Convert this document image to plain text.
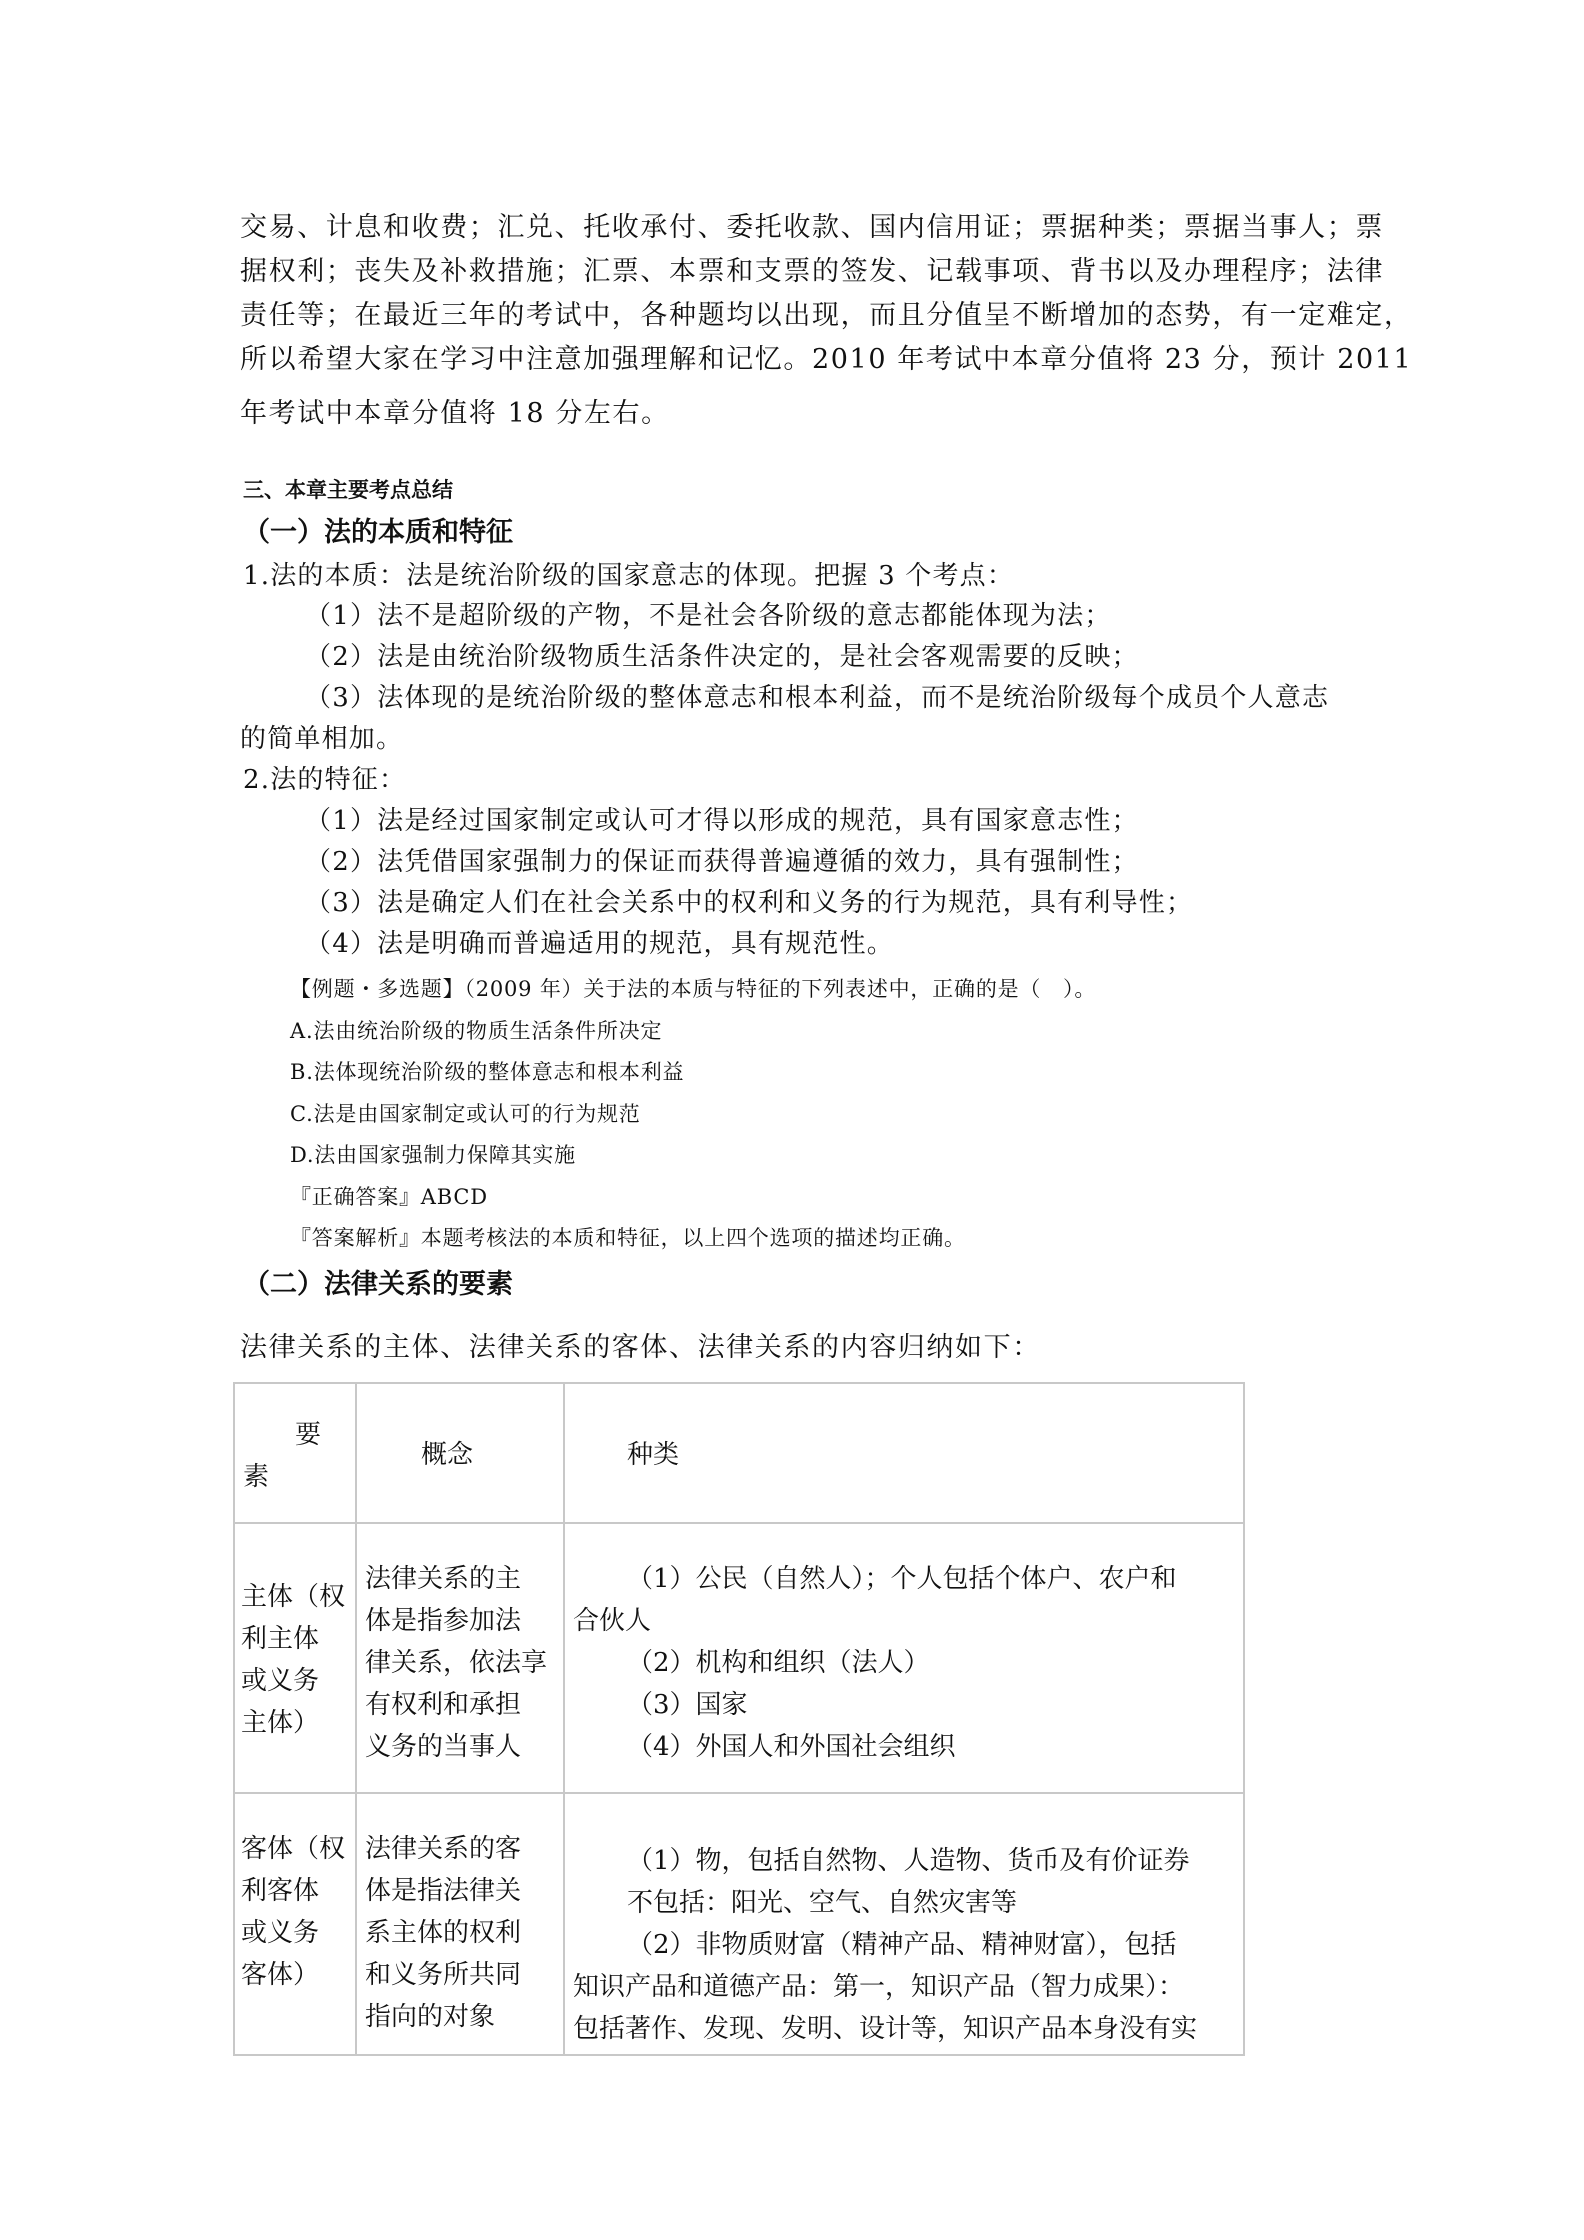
交易、计息和收费；汇兑、托收承付、委托收款、国内信用证；票据种类；票据当事人；票
据权利；丧失及补救措施；汇票、本票和支票的签发、记载事项、背书以及办理程序；法律
责任等；在最近三年的考试中，各种题均以出现，而且分值呈不断增加的态势，有一定难定，
所以希望大家在学习中注意加强理解和记忆。2010 年考试中本章分值将 23 分，预计 2011
年考试中本章分值将 18 分左右。
三、本章主要考点总结
（一）法的本质和特征
1.法的本质：法是统治阶级的国家意志的体现。把握 3 个考点：
（1）法不是超阶级的产物，不是社会各阶级的意志都能体现为法；
（2）法是由统治阶级物质生活条件决定的，是社会客观需要的反映；
（3）法体现的是统治阶级的整体意志和根本利益，而不是统治阶级每个成员个人意志
的简单相加。
2.法的特征：
（1）法是经过国家制定或认可才得以形成的规范，具有国家意志性；
（2）法凭借国家强制力的保证而获得普遍遵循的效力，具有强制性；
（3）法是确定人们在社会关系中的权利和义务的行为规范，具有利导性；
（4）法是明确而普遍适用的规范，具有规范性。
【例题・多选题】（2009 年）关于法的本质与特征的下列表述中，正确的是（　）。
A.法由统治阶级的物质生活条件所决定
B.法体现统治阶级的整体意志和根本利益
C.法是由国家制定或认可的行为规范
D.法由国家强制力保障其实施
『正确答案』ABCD
『答案解析』本题考核法的本质和特征，以上四个选项的描述均正确。
（二）法律关系的要素
法律关系的主体、法律关系的客体、法律关系的内容归纳如下：
要
素	概念	种类

主体（权
利主体
或义务
主体）	法律关系的主
体是指参加法
律关系，依法享
有权利和承担
义务的当事人	（1）公民（自然人）；个人包括个体户、农户和
合伙人
（2）机构和组织（法人）
（3）国家
（4）外国人和外国社会组织

客体（权
利客体
或义务
客体）	法律关系的客
体是指法律关
系主体的权利
和义务所共同
指向的对象	（1）物，包括自然物、人造物、货币及有价证券
不包括：阳光、空气、自然灾害等
（2）非物质财富（精神产品、精神财富），包括
知识产品和道德产品：第一，知识产品（智力成果）：
包括著作、发现、发明、设计等，知识产品本身没有实
